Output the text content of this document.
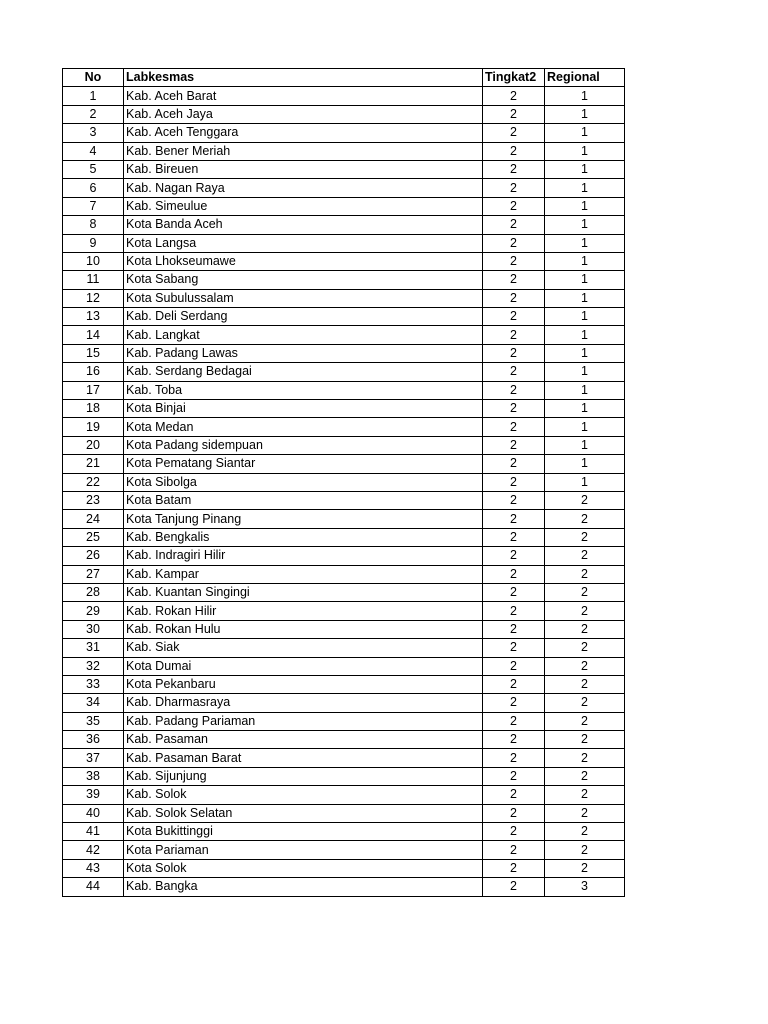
No	Labkesmas	Tingkat2	Regional
1	Kab. Aceh Barat	2	1
2	Kab. Aceh Jaya	2	1
3	Kab. Aceh Tenggara	2	1
4	Kab. Bener Meriah	2	1
5	Kab. Bireuen	2	1
6	Kab. Nagan Raya	2	1
7	Kab. Simeulue	2	1
8	Kota Banda Aceh	2	1
9	Kota Langsa	2	1
10	Kota Lhokseumawe	2	1
11	Kota Sabang	2	1
12	Kota Subulussalam	2	1
13	Kab. Deli Serdang	2	1
14	Kab. Langkat	2	1
15	Kab. Padang Lawas	2	1
16	Kab. Serdang Bedagai	2	1
17	Kab. Toba	2	1
18	Kota Binjai	2	1
19	Kota Medan	2	1
20	Kota Padang sidempuan	2	1
21	Kota Pematang Siantar	2	1
22	Kota Sibolga	2	1
23	Kota Batam	2	2
24	Kota Tanjung Pinang	2	2
25	Kab. Bengkalis	2	2
26	Kab. Indragiri Hilir	2	2
27	Kab. Kampar	2	2
28	Kab. Kuantan Singingi	2	2
29	Kab. Rokan Hilir	2	2
30	Kab. Rokan Hulu	2	2
31	Kab. Siak	2	2
32	Kota Dumai	2	2
33	Kota Pekanbaru	2	2
34	Kab. Dharmasraya	2	2
35	Kab. Padang Pariaman	2	2
36	Kab. Pasaman	2	2
37	Kab. Pasaman Barat	2	2
38	Kab. Sijunjung	2	2
39	Kab. Solok	2	2
40	Kab. Solok Selatan	2	2
41	Kota Bukittinggi	2	2
42	Kota Pariaman	2	2
43	Kota Solok	2	2
44	Kab. Bangka	2	3
